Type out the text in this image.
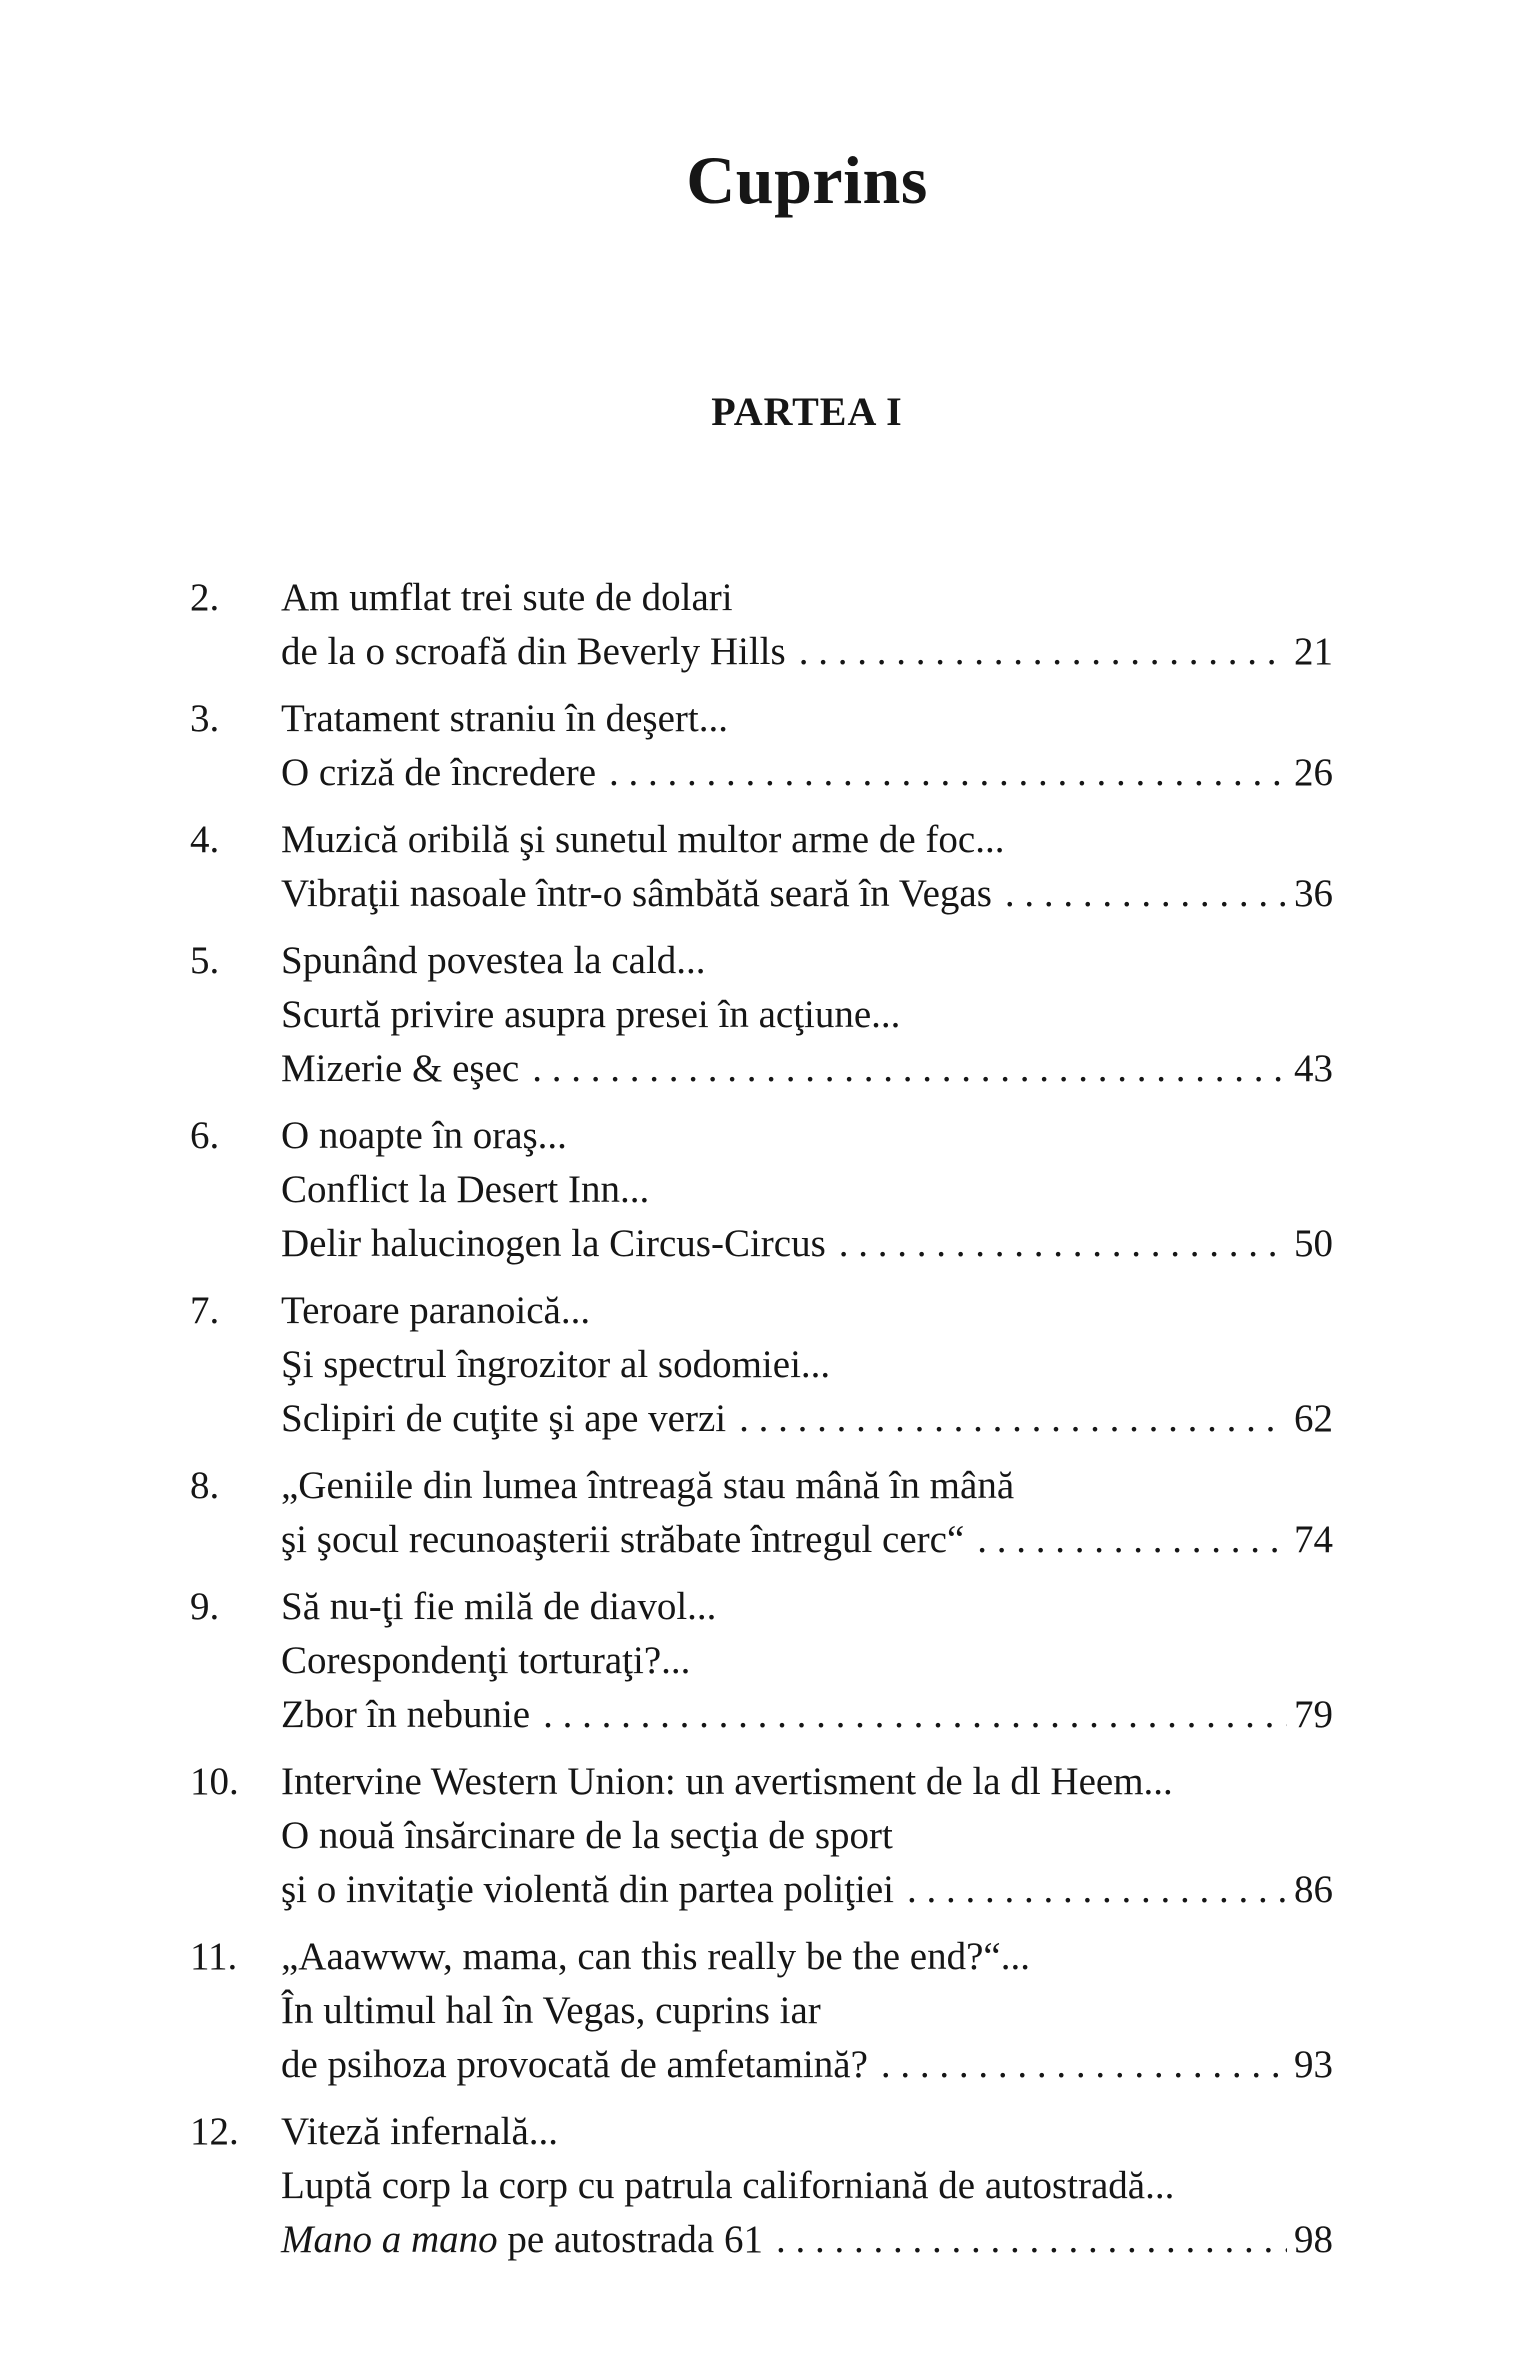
Cuprins
PARTEA I
2.	Am umflat trei sute de dolari
de la o scroafă din Beverly Hills . . .	21
3.	Tratament straniu în deşert...
O criză de încredere . . .	26
4.	Muzică oribilă şi sunetul multor arme de foc...
Vibraţii nasoale într-o sâmbătă seară în Vegas . . .	36
5.	Spunând povestea la cald...
Scurtă privire asupra presei în acţiune...
Mizerie & eşec . . .	43
6.	O noapte în oraş...
Conflict la Desert Inn...
Delir halucinogen la Circus-Circus . . .	50
7.	Teroare paranoică...
Şi spectrul îngrozitor al sodomiei...
Sclipiri de cuţite şi ape verzi . . .	62
8.	„Geniile din lumea întreagă stau mână în mână
şi şocul recunoaşterii străbate întregul cerc“ . . .	74
9.	Să nu-ţi fie milă de diavol...
Corespondenţi torturaţi?...
Zbor în nebunie . . .	79
10.	Intervine Western Union: un avertisment de la dl Heem...
O nouă însărcinare de la secţia de sport
şi o invitaţie violentă din partea poliţiei . . .	86
11.	„Aaawww, mama, can this really be the end?“...
În ultimul hal în Vegas, cuprins iar
de psihoza provocată de amfetamină? . . .	93
12.	Viteză infernală...
Luptă corp la corp cu patrula californiană de autostradă...
Mano a mano pe autostrada 61 . . .	98
